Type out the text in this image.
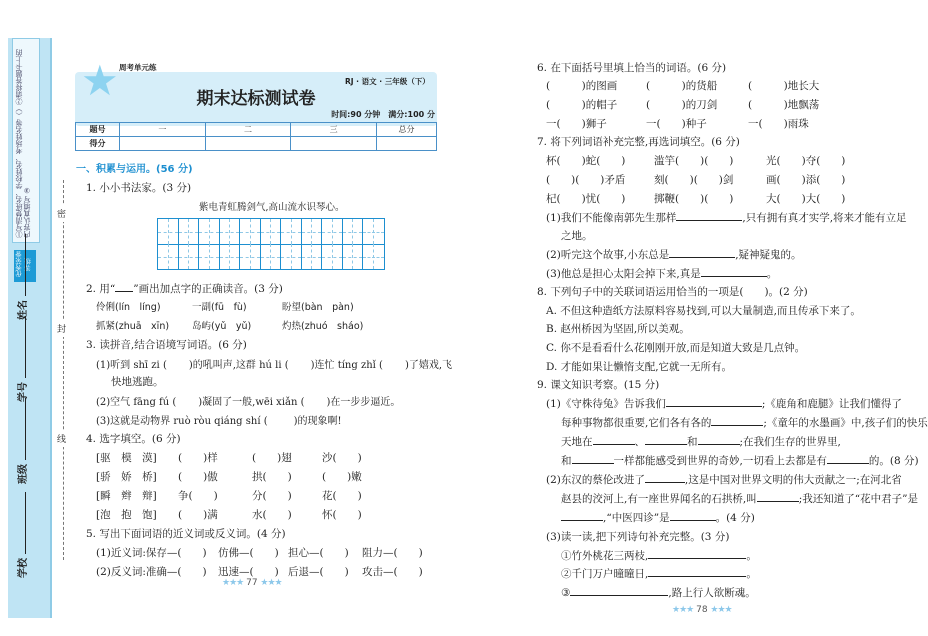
①写清楚班名、学校姓名、考场姓名等（）②请将答题卡上的内容认真填写 ③
优秀荣誉等级
学校
班级
学号
姓名
密
封
线
★ 周考单元练
RJ · 语文 · 三年级（下）
期末达标测试卷
时间:90 分钟　满分:100 分
题号	一	二	三	总分
得分				
一、积累与运用。(56 分)
1. 小小书法家。(3 分)
紫电青虹腾剑气,高山流水识琴心。
2. 用“ ”画出加点字的正确读音。(3 分)
伶俐(lín　líng)	一副(fū　fù)	盼望(bàn　pàn)
抓紧(zhuā　xīn) 岛屿(yǔ　yǔ)	灼热(zhuó　sháo)
3. 读拼音,结合语境写词语。(6 分)
(1)听到 shī zi ( )的吼叫声,这群 hú li ( )连忙 tíng zhǐ ( )了嬉戏,飞
快地逃跑。
(2)空气 fāng fú ( )凝固了一般,wēi xiǎn ( )在一步步逼近。
(3)这就是动物界 ruò ròu qiáng shí (	)的现象啊!
4. 选字填空。(6 分)
[驱　模　漠] (　　)样	(　　)翅	沙(　　)
[骄　娇　桥] (　　)傲	拱(　　)	(　　)嫩
[瞬　辫　辩] 争(　　)	分(　　)	花(　　)
[泡　抱　饱] (　　)满	水(　　)	怀(　　)
5. 写出下面词语的近义词或反义词。(4 分)
(1)近义词:保存—(　　) 仿佛—(　　) 担心—(　　) 阻力—(　　)
(2)反义词:准确—(　　) 迅速—(　　) 后退—(　　) 攻击—(　　)
★★★ 77 ★★★
6. 在下面括号里填上恰当的词语。(6 分)
(　　　)的图画	(　　　)的货船	(　　　)地长大
(　　　)的帽子	(　　　)的刀剑	(　　　)地飘荡
一(　　)狮子	一(　　)种子	一(　　)雨珠
7. 将下列词语补充完整,再选词填空。(6 分)
杯(　　)蛇(　　)	滥竽(　　)(　　)	光(　　)夺(　　)
(　　)(　　)矛盾	刻(　　)(　　)剑	画(　　)添(　　)
杞(　　)忧(　　)	掷鞭(　　)(　　)	大(　　)大(　　)
(1)我们不能像南郭先生那样	,只有拥有真才实学,将来才能有立足
之地。
(2)听完这个故事,小东总是	,疑神疑鬼的。
(3)他总是担心太阳会掉下来,真是	。
8. 下列句子中的关联词语运用恰当的一项是(　　)。(2 分)
A. 不但这种造纸方法原料容易找到,可以大量制造,而且传承下来了。
B. 赵州桥因为坚固,所以美观。
C. 你不是看看什么花刚刚开放,而是知道大致是几点钟。
D. 才能如果让懒惰支配,它就一无所有。
9. 课文知识考察。(15 分)
(1)《守株待兔》告诉我们	;《鹿角和鹿腿》让我们懂得了
每种事物都很重要,它们各有各的	;《童年的水墨画》中,孩子们的快乐
天地在	、	和	;在我们生存的世界里,
和	一样都能感受到世界的奇妙,一切看上去都是有	的。(8 分)
(2)东汉的蔡伦改进了	,这是中国对世界文明的伟大贡献之一;在河北省
赵县的洨河上,有一座世界闻名的石拱桥,叫	;我还知道了“花中君子”是
,“中医四诊”是	。(4 分)
(3)读一读,把下列诗句补充完整。(3 分)
①竹外桃花三两枝,	。
②千门万户曈曈日,	。
③	,路上行人欲断魂。
★★★ 78 ★★★
